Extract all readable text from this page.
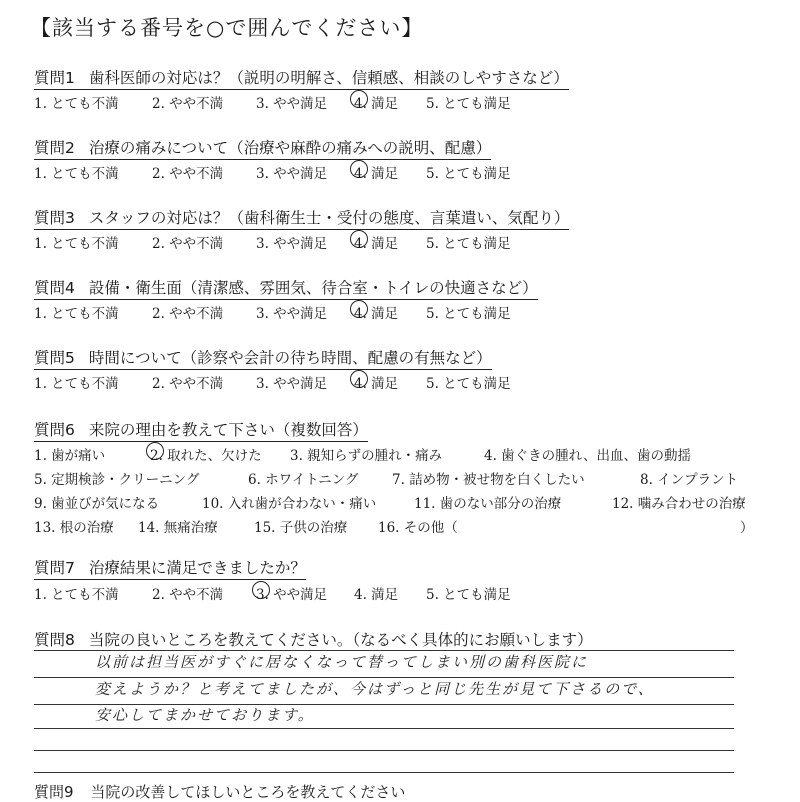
【該当する番号を○で囲んでください】
質問1 歯科医師の対応は？（説明の明解さ、信頼感、相談のしやすさなど）
1. とても不満 2. やや不満 3. やや満足 4. 満足 5. とても満足
質問2 治療の痛みについて（治療や麻酔の痛みへの説明、配慮）
1. とても不満 2. やや不満 3. やや満足 4. 満足 5. とても満足
質問3 スタッフの対応は？（歯科衛生士・受付の態度、言葉遣い、気配り）
1. とても不満 2. やや不満 3. やや満足 4. 満足 5. とても満足
質問4 設備・衛生面（清潔感、雰囲気、待合室・トイレの快適さなど）
1. とても不満 2. やや不満 3. やや満足 4. 満足 5. とても満足
質問5 時間について（診察や会計の待ち時間、配慮の有無など）
1. とても不満 2. やや不満 3. やや満足 4. 満足 5. とても満足
質問6 来院の理由を教えて下さい（複数回答）
1. 歯が痛い	2. 取れた、欠けた 3. 親知らずの腫れ・痛み	4. 歯ぐきの腫れ、出血、歯の動揺
5. 定期検診・クリーニング	6. ホワイトニング 7. 詰め物・被せ物を白くしたい	8. インプラント
9. 歯並びが気になる	10. 入れ歯が合わない・痛い	11. 歯のない部分の治療	12. 噛み合わせの治療
13. 根の治療 14. 無痛治療	15. 子供の治療 16. その他（	）
質問7 治療結果に満足できましたか？
1. とても不満 2. やや不満 3. やや満足 4. 満足 5. とても満足
質問8 当院の良いところを教えてください。（なるべく具体的にお願いします）
以前は担当医がすぐに居なくなって替ってしまい別の歯科医院に
変えようか？と考えてましたが、今はずっと同じ先生が見て下さるので、
安心してまかせております。
質問9 当院の改善してほしいところを教えてください
